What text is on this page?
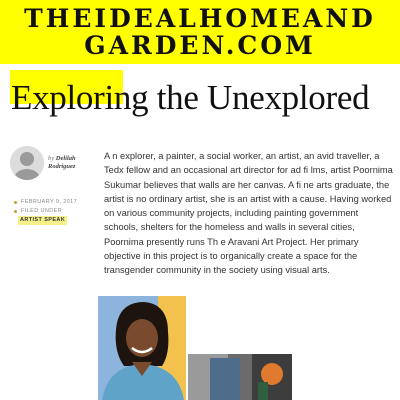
THEIDEALHOMEAND
GARDEN.COM
Exploring the Unexplored
by Delilah Rodriguez
FEBRUARY 9, 2017
FILED UNDER:
ARTIST SPEAK

A n explorer, a painter, a social worker, an artist, an avid traveller, a Tedx fellow and an occasional art director for ad fi lms, artist Poornima Sukumar believes that walls are her canvas. A fi ne arts graduate, the artist is no ordinary artist, she is an artist with a cause. Having worked on various community projects, including painting government schools, shelters for the homeless and walls in several cities, Poornima presently runs Th e Aravani Art Project. Her primary objective in this project is to organically create a space for the transgender community in the society using visual arts.
